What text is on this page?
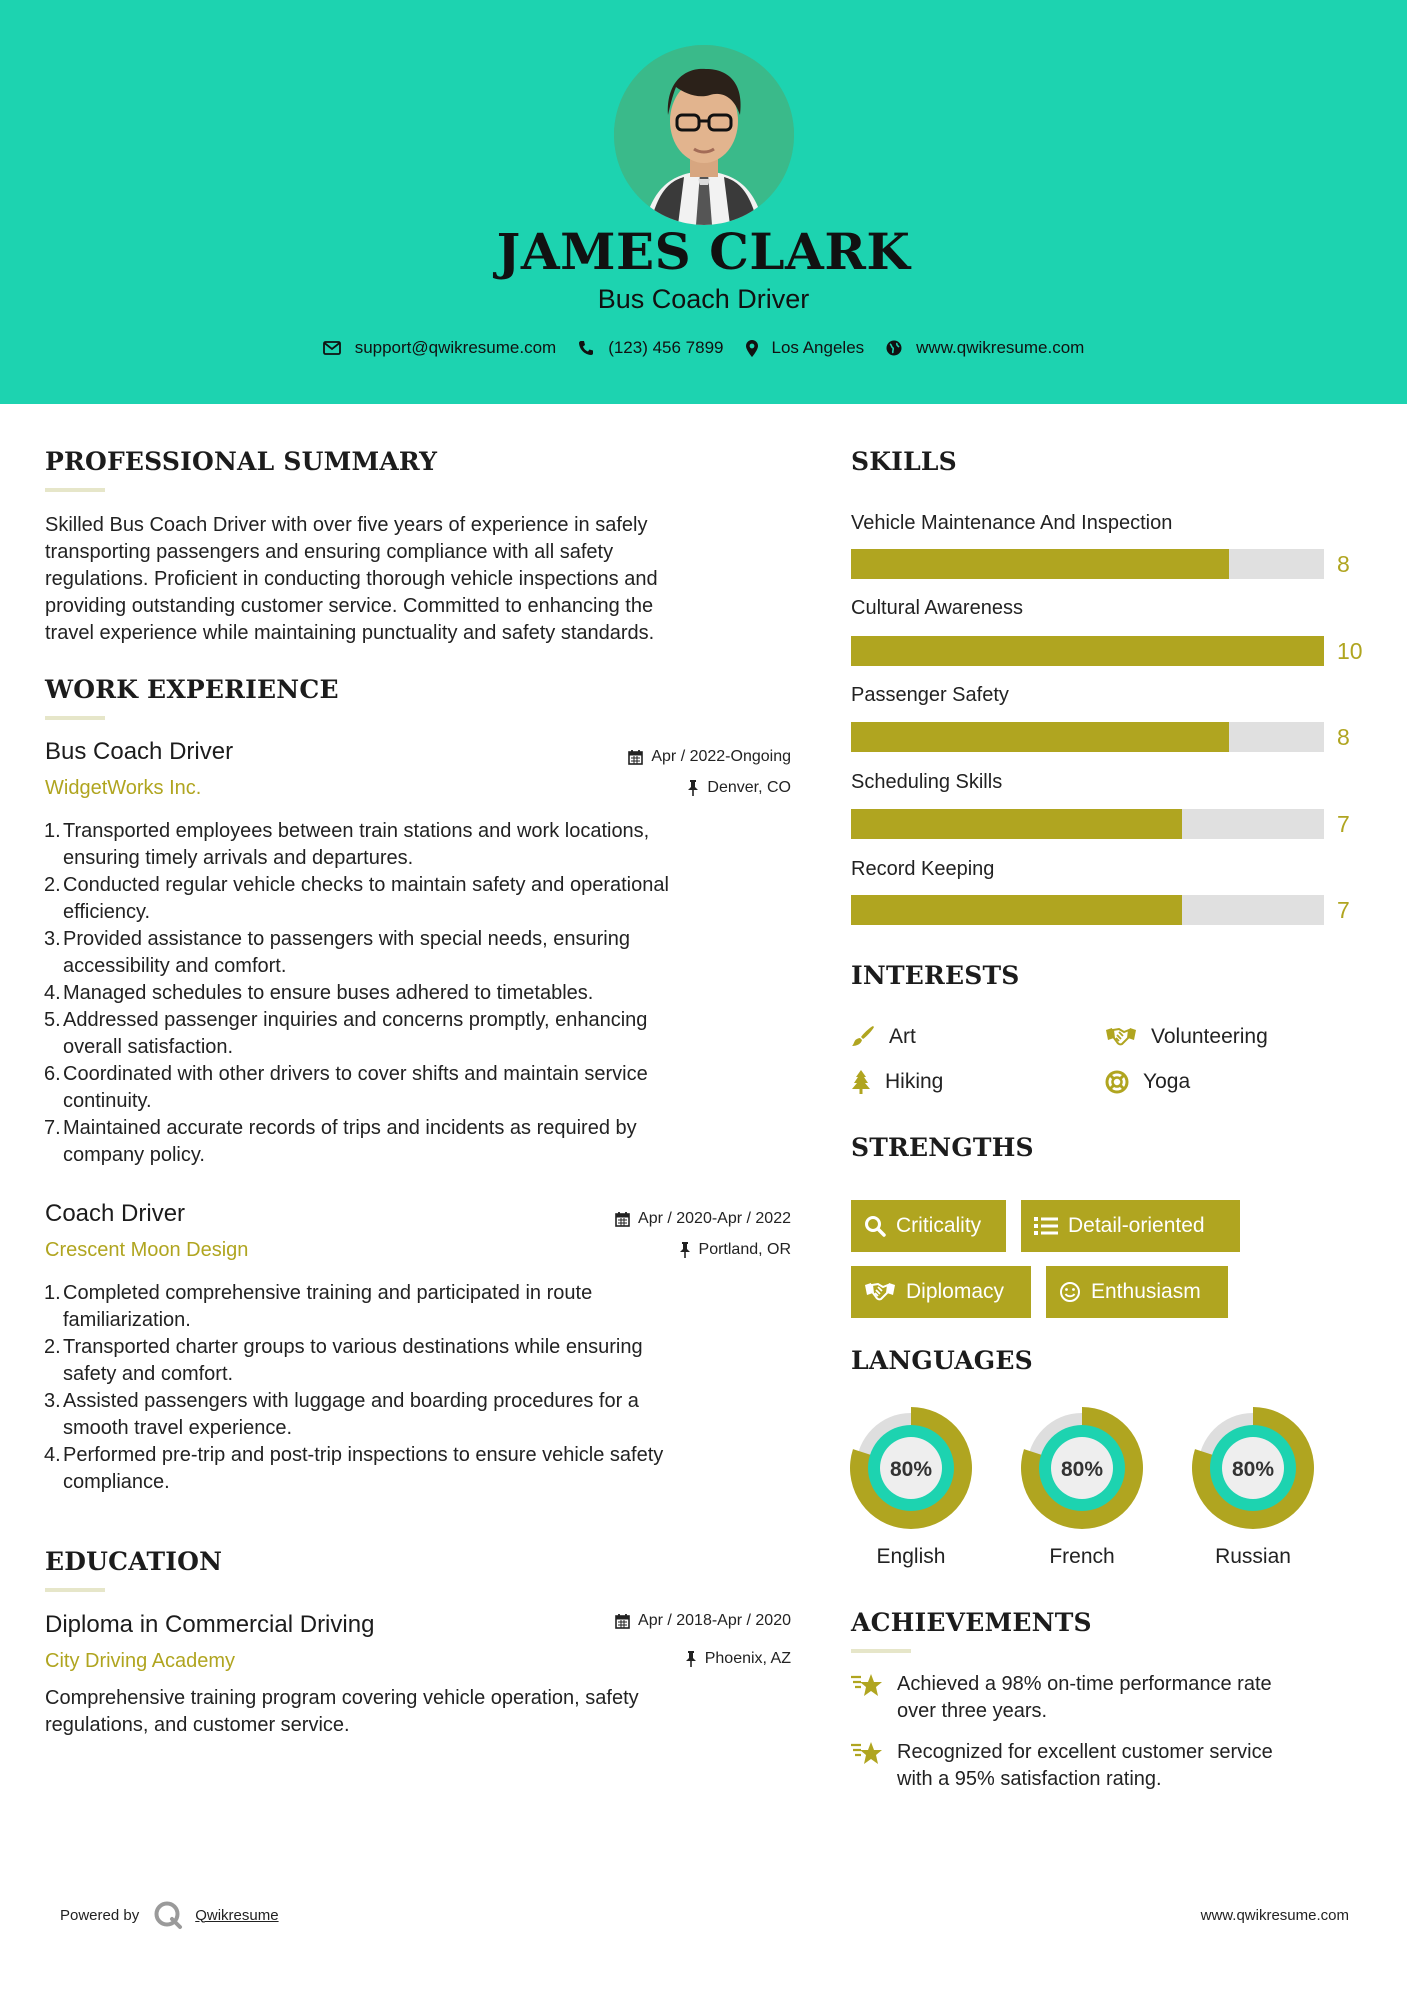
JAMES CLARK
Bus Coach Driver
support@qwikresume.com	(123) 456 7899	Los Angeles	www.qwikresume.com
PROFESSIONAL SUMMARY
Skilled Bus Coach Driver with over five years of experience in safely
transporting passengers and ensuring compliance with all safety
regulations. Proficient in conducting thorough vehicle inspections and
providing outstanding customer service. Committed to enhancing the
travel experience while maintaining punctuality and safety standards.
WORK EXPERIENCE
Bus Coach Driver
WidgetWorks Inc.
Apr / 2022-Ongoing
Denver, CO
1. Transported employees between train stations and work locations,
ensuring timely arrivals and departures.
2. Conducted regular vehicle checks to maintain safety and operational
efficiency.
3. Provided assistance to passengers with special needs, ensuring
accessibility and comfort.
4. Managed schedules to ensure buses adhered to timetables.
5. Addressed passenger inquiries and concerns promptly, enhancing
overall satisfaction.
6. Coordinated with other drivers to cover shifts and maintain service
continuity.
7. Maintained accurate records of trips and incidents as required by
company policy.
Coach Driver
Crescent Moon Design
Apr / 2020-Apr / 2022
Portland, OR
1. Completed comprehensive training and participated in route
familiarization.
2. Transported charter groups to various destinations while ensuring
safety and comfort.
3. Assisted passengers with luggage and boarding procedures for a
smooth travel experience.
4. Performed pre-trip and post-trip inspections to ensure vehicle safety
compliance.
EDUCATION
Diploma in Commercial Driving
City Driving Academy
Apr / 2018-Apr / 2020
Phoenix, AZ
Comprehensive training program covering vehicle operation, safety
regulations, and customer service.
SKILLS
Vehicle Maintenance And Inspection
8
Cultural Awareness
10
Passenger Safety
8
Scheduling Skills
7
Record Keeping
7
INTERESTS
Art	Volunteering
Hiking	Yoga
STRENGTHS
Criticality	Detail-oriented
Diplomacy	Enthusiasm
LANGUAGES
80%	80%	80%
English	French	Russian
ACHIEVEMENTS
Achieved a 98% on-time performance rate
over three years.
Recognized for excellent customer service
with a 95% satisfaction rating.
Powered by	Qwikresume	www.qwikresume.com
